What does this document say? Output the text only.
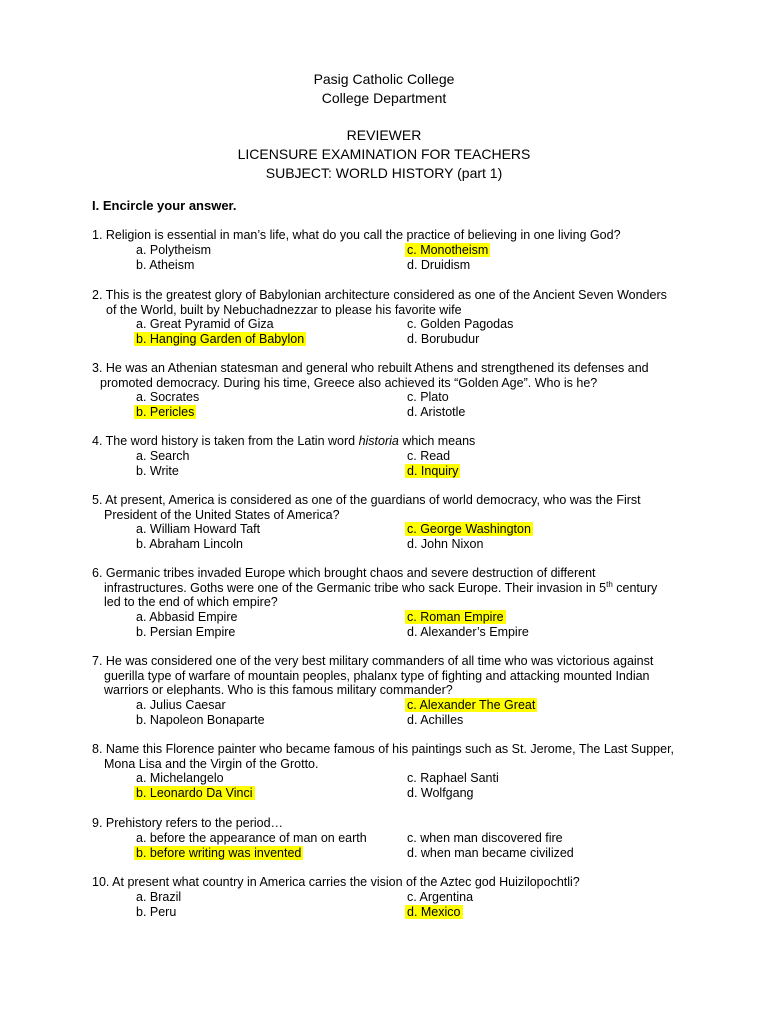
Pasig Catholic College
College Department
REVIEWER
LICENSURE EXAMINATION FOR TEACHERS
SUBJECT: WORLD HISTORY (part 1)
I. Encircle your answer.
1. Religion is essential in man’s life, what do you call the practice of believing in one living God?
a. Polytheism	c. Monotheism
b. Atheism	d. Druidism
2. This is the greatest glory of Babylonian architecture considered as one of the Ancient Seven Wonders
of the World, built by Nebuchadnezzar to please his favorite wife
a. Great Pyramid of Giza	c. Golden Pagodas
b. Hanging Garden of Babylon	d. Borubudur
3. He was an Athenian statesman and general who rebuilt Athens and strengthened its defenses and
promoted democracy. During his time, Greece also achieved its “Golden Age”. Who is he?
a. Socrates	c. Plato
b. Pericles	d. Aristotle
4. The word history is taken from the Latin word historia which means
a. Search	c. Read
b. Write	d. Inquiry
5. At present, America is considered as one of the guardians of world democracy, who was the First
President of the United States of America?
a. William Howard Taft	c. George Washington
b. Abraham Lincoln	d. John Nixon
6. Germanic tribes invaded Europe which brought chaos and severe destruction of different
infrastructures. Goths were one of the Germanic tribe who sack Europe. Their invasion in 5th century
led to the end of which empire?
a. Abbasid Empire	c. Roman Empire
b. Persian Empire	d. Alexander’s Empire
7. He was considered one of the very best military commanders of all time who was victorious against
guerilla type of warfare of mountain peoples, phalanx type of fighting and attacking mounted Indian
warriors or elephants. Who is this famous military commander?
a. Julius Caesar	c. Alexander The Great
b. Napoleon Bonaparte	d. Achilles
8. Name this Florence painter who became famous of his paintings such as St. Jerome, The Last Supper,
Mona Lisa and the Virgin of the Grotto.
a. Michelangelo	c. Raphael Santi
b. Leonardo Da Vinci	d. Wolfgang
9. Prehistory refers to the period…
a. before the appearance of man on earth	c. when man discovered fire
b. before writing was invented	d. when man became civilized
10. At present what country in America carries the vision of the Aztec god Huizilopochtli?
a. Brazil	c. Argentina
b. Peru	d. Mexico
